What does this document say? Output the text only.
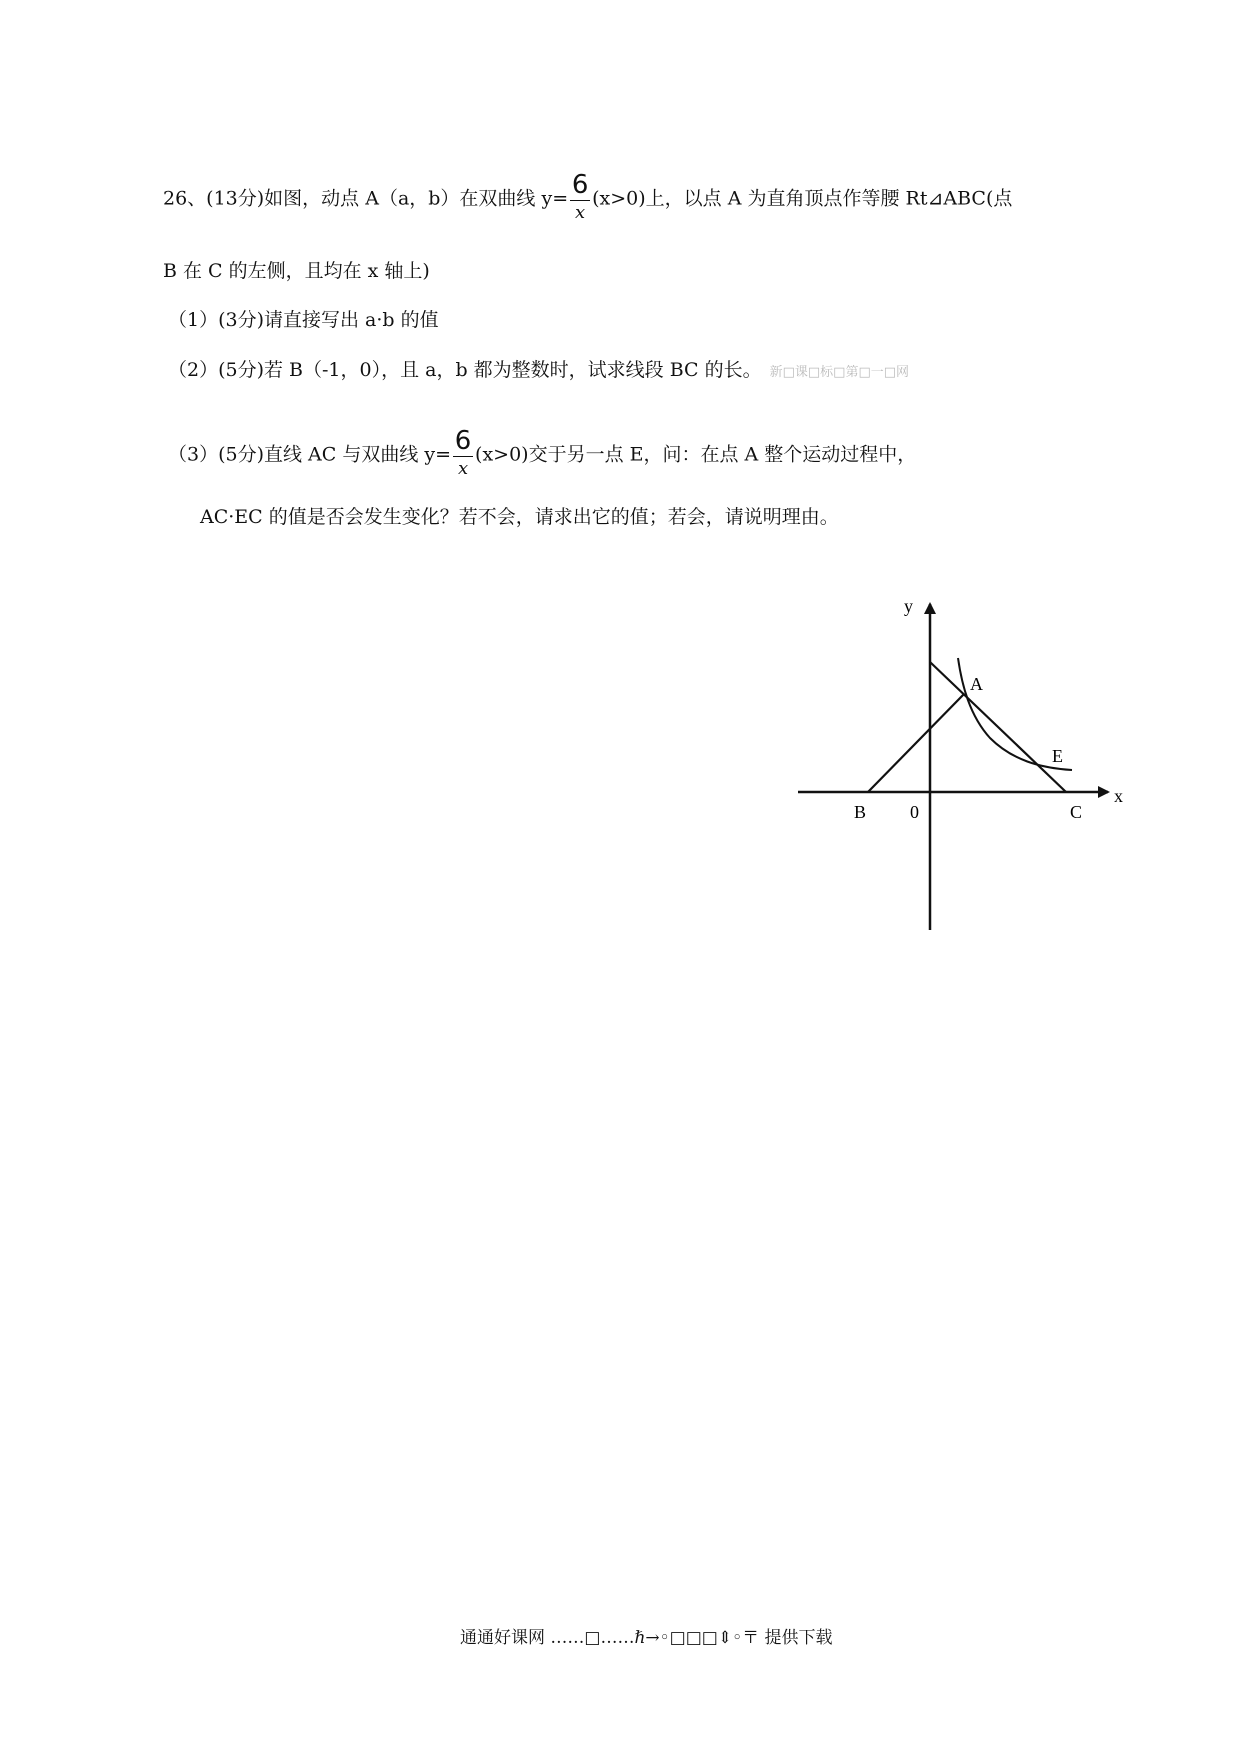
26、(13分)如图，动点 A（a，b）在双曲线 $y= \frac{6}{x} (x>0)$上，以点 A 为直角顶点作等腰 Rt⊿ABC(点
B 在 C 的左侧，且均在 x 轴上)
（1）(3分)请直接写出 a·b 的值
（2）(5分)若 B（-1，0），且 a，b 都为整数时，试求线段 BC 的长。 新□课□标□第□一□网
（3）(5分)直线 AC 与双曲线 $y= \frac{6}{x} (x>0)$交于另一点 E，问：在点 A 整个运动过程中，
AC·EC 的值是否会发生变化？若不会，请求出它的值；若会，请说明理由。
y
x
A
E
B 0	C
通通好课网 ……□……ℏ→◦□□□⇕◦〒 提供下载
